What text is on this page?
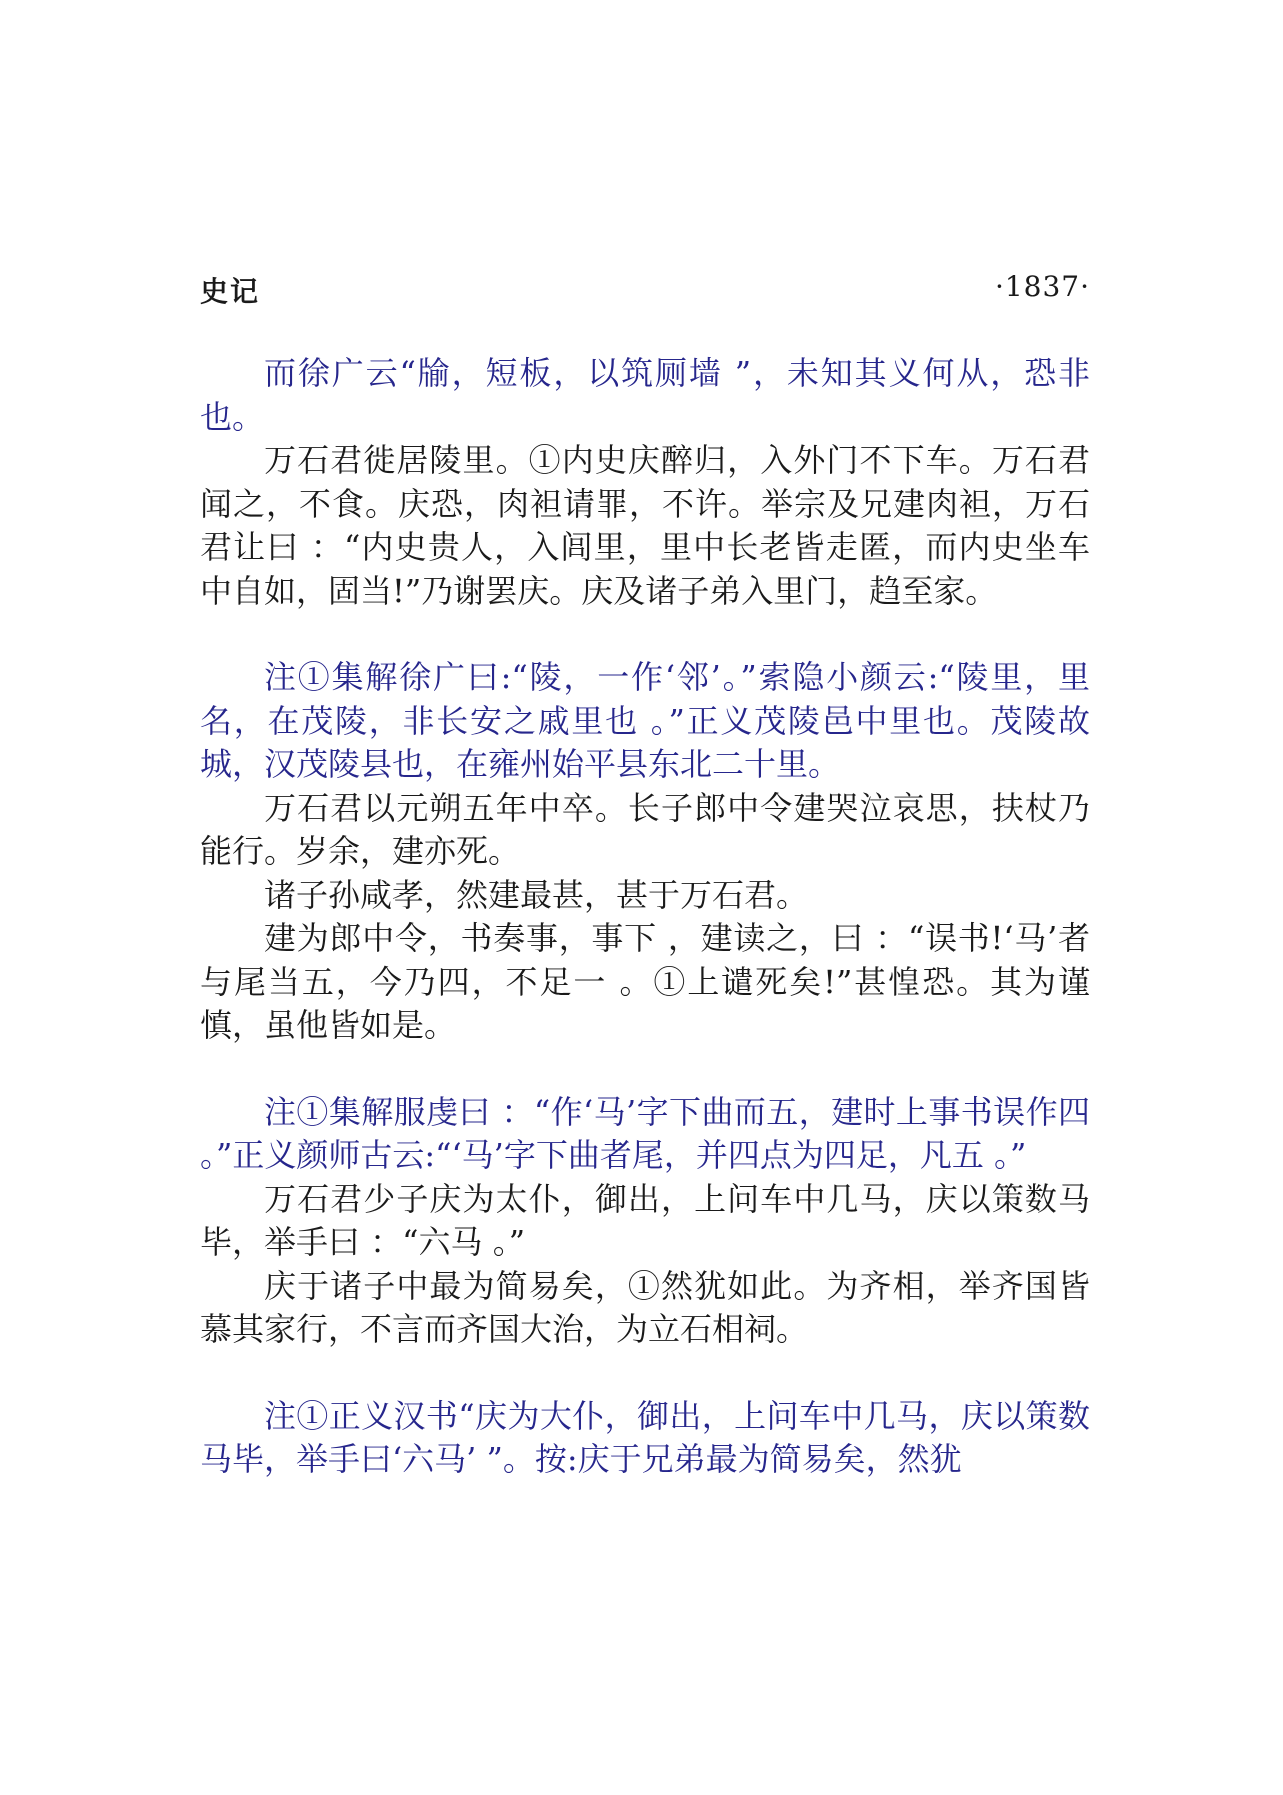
史记	·1837·

而徐广云“牏，短板，以筑厕墙 ”，未知其义何从，恐非也。

万石君徙居陵里。①内史庆醉归，入外门不下车。万石君闻之，不食。庆恐，肉袒请罪，不许。举宗及兄建肉袒，万石君让曰 ：“内史贵人，入闾里，里中长老皆走匿，而内史坐车中自如，固当!”乃谢罢庆。庆及诸子弟入里门，趋至家。

注①集解徐广曰:“陵，一作‘邻’。”索隐小颜云:“陵里，里名，在茂陵，非长安之戚里也 。”正义茂陵邑中里也。茂陵故城，汉茂陵县也，在雍州始平县东北二十里。

万石君以元朔五年中卒。长子郎中令建哭泣哀思，扶杖乃能行。岁余，建亦死。

诸子孙咸孝，然建最甚，甚于万石君。

建为郎中令，书奏事，事下 ，建读之，曰 ：“误书!‘马’者与尾当五，今乃四，不足一 。①上谴死矣!”甚惶恐。其为谨慎，虽他皆如是。

注①集解服虔曰 ：“作‘马’字下曲而五，建时上事书误作四 。”正义颜师古云:“‘马’字下曲者尾，并四点为四足，凡五 。”

万石君少子庆为太仆，御出，上问车中几马，庆以策数马毕，举手曰 ：“六马 。”

庆于诸子中最为简易矣，①然犹如此。为齐相，举齐国皆慕其家行，不言而齐国大治，为立石相祠。

注①正义汉书“庆为大仆，御出，上问车中几马，庆以策数马毕，举手曰‘六马’ ”。按:庆于兄弟最为简易矣，然犹
